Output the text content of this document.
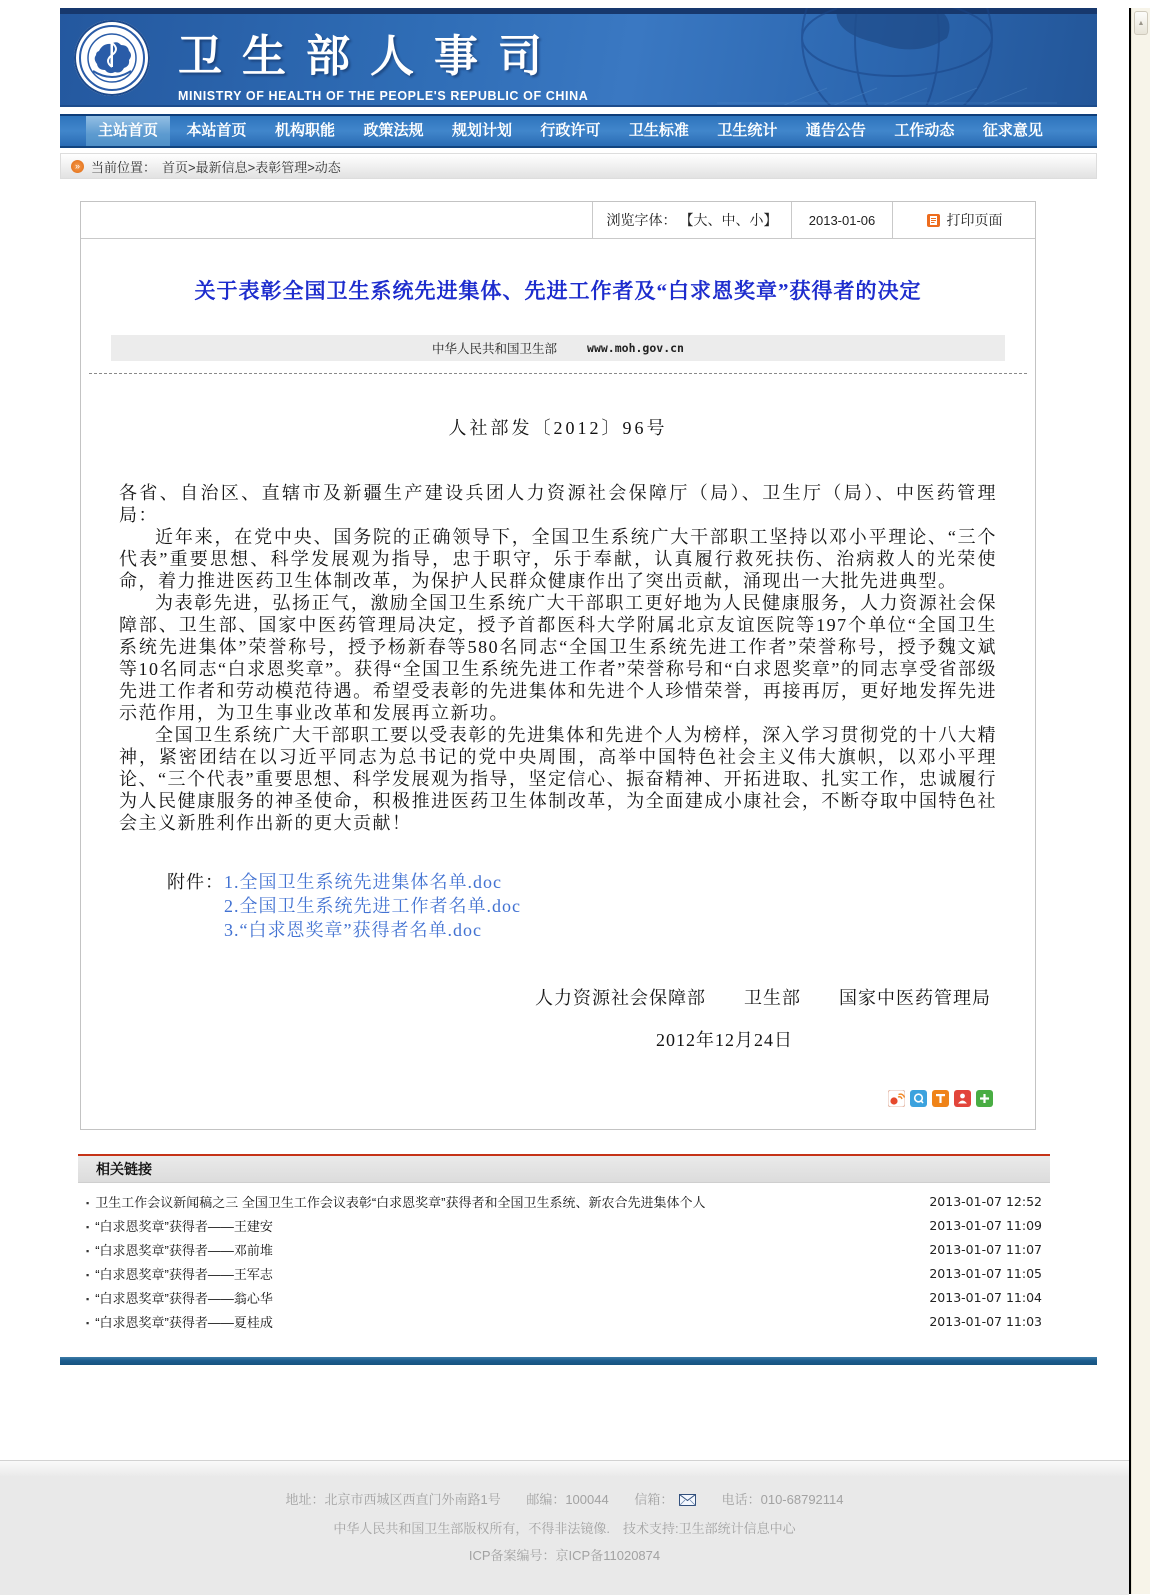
卫生部人事司
MINISTRY OF HEALTH OF THE PEOPLE'S REPUBLIC OF CHINA
主站首页	本站首页	机构职能	政策法规	规划计划	行政许可	卫生标准	卫生统计	通告公告	工作动态	征求意见
»
当前位置： 首页>最新信息>表彰管理>动态
浏览字体： 【大、中、小】	2013-01-06	打印页面
关于表彰全国卫生系统先进集体、先进工作者及“白求恩奖章”获得者的决定
中华人民共和国卫生部	www.moh.gov.cn
人社部发〔2012〕96号

各省、自治区、直辖市及新疆生产建设兵团人力资源社会保障厅（局）、卫生厅（局）、中医药管理局：

近年来，在党中央、国务院的正确领导下，全国卫生系统广大干部职工坚持以邓小平理论、“三个代表”重要思想、科学发展观为指导，忠于职守，乐于奉献，认真履行救死扶伤、治病救人的光荣使命，着力推进医药卫生体制改革，为保护人民群众健康作出了突出贡献，涌现出一大批先进典型。

为表彰先进，弘扬正气，激励全国卫生系统广大干部职工更好地为人民健康服务，人力资源社会保障部、卫生部、国家中医药管理局决定，授予首都医科大学附属北京友谊医院等197个单位“全国卫生系统先进集体”荣誉称号，授予杨新春等580名同志“全国卫生系统先进工作者”荣誉称号，授予魏文斌等10名同志“白求恩奖章”。获得“全国卫生系统先进工作者”荣誉称号和“白求恩奖章”的同志享受省部级先进工作者和劳动模范待遇。希望受表彰的先进集体和先进个人珍惜荣誉，再接再厉，更好地发挥先进示范作用，为卫生事业改革和发展再立新功。

全国卫生系统广大干部职工要以受表彰的先进集体和先进个人为榜样，深入学习贯彻党的十八大精神，紧密团结在以习近平同志为总书记的党中央周围，高举中国特色社会主义伟大旗帜，以邓小平理论、“三个代表”重要思想、科学发展观为指导，坚定信心、振奋精神、开拓进取、扎实工作，忠诚履行为人民健康服务的神圣使命，积极推进医药卫生体制改革，为全面建成小康社会，不断夺取中国特色社会主义新胜利作出新的更大贡献！

附件： 1.全国卫生系统先进集体名单.doc
2.全国卫生系统先进工作者名单.doc
3.“白求恩奖章”获得者名单.doc
人力资源社会保障部　　卫生部　　国家中医药管理局
2012年12月24日
相关链接
▪
卫生工作会议新闻稿之三 全国卫生工作会议表彰“白求恩奖章”获得者和全国卫生系统、新农合先进集体个人	2013-01-07 12:52
▪
“白求恩奖章”获得者——王建安	2013-01-07 11:09
▪
“白求恩奖章”获得者——邓前堆	2013-01-07 11:07
▪
“白求恩奖章”获得者——王军志	2013-01-07 11:05
▪
“白求恩奖章”获得者——翁心华	2013-01-07 11:04
▪
“白求恩奖章”获得者——夏桂成	2013-01-07 11:03
地址：北京市西城区西直门外南路1号 邮编：100044 信箱：	电话：010-68792114
中华人民共和国卫生部版权所有，不得非法镜像.　技术支持:卫生部统计信息中心
ICP备案编号：京ICP备11020874
▲
